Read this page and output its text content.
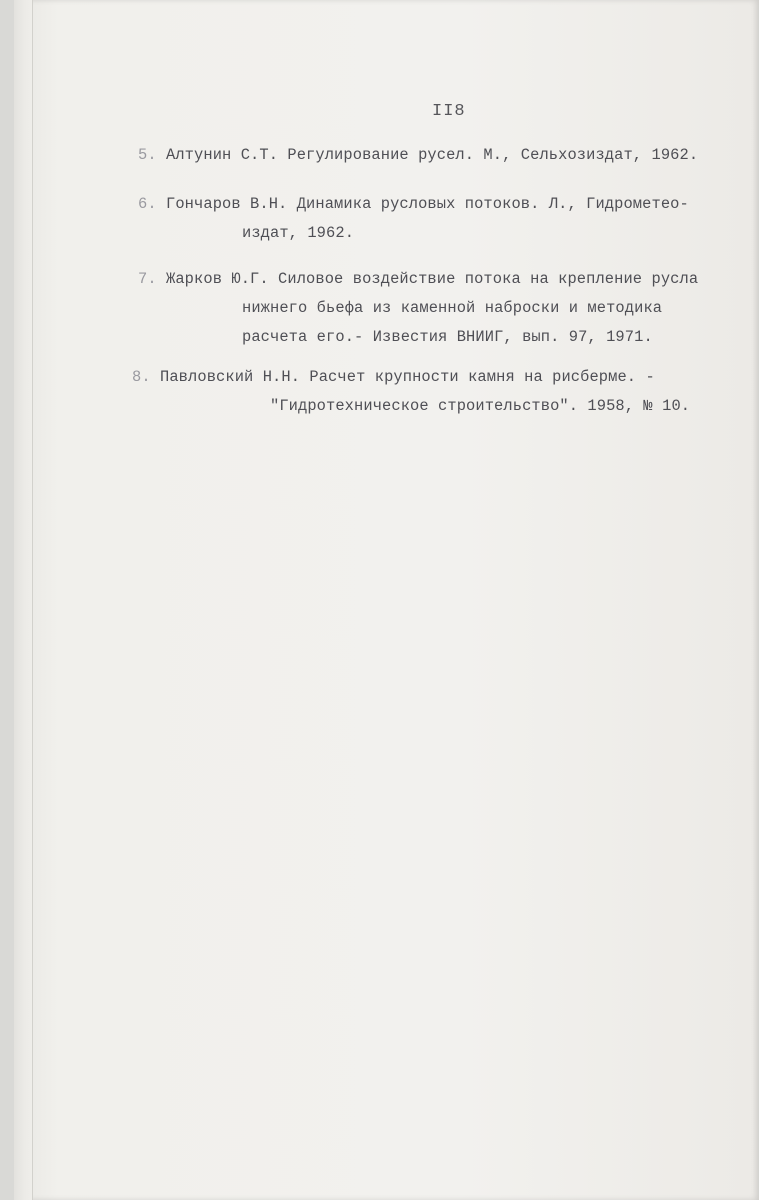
II8
5. Алтунин С.Т. Регулирование русел. М., Сельхозиздат, 1962.
6. Гончаров В.Н. Динамика русловых потоков. Л., Гидрометео-
издат, 1962.
7. Жарков Ю.Г. Силовое воздействие потока на крепление русла
нижнего бьефа из каменной наброски и методика
расчета его.- Известия ВНИИГ, вып. 97, 1971.
8. Павловский Н.Н. Расчет крупности камня на рисберме. -
"Гидротехническое строительство". 1958, № 10.
